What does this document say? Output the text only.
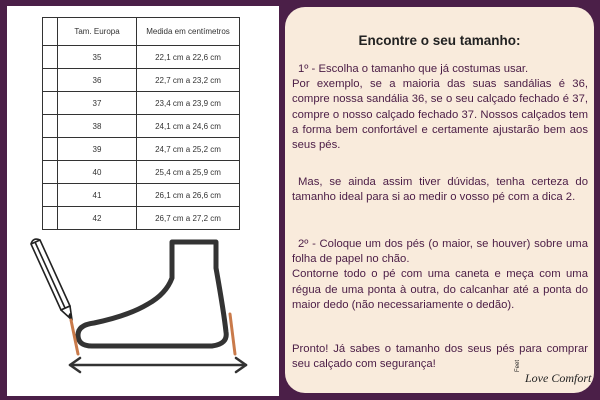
	Tam. Europa	Medida em centímetros

	35	22,1 cm a 22,6 cm
	36	22,7 cm a 23,2 cm
	37	23,4 cm a 23,9 cm
	38	24,1 cm a 24,6 cm
	39	24,7 cm a 25,2 cm
	40	25,4 cm a 25,9 cm
	41	26,1 cm a 26,6 cm
	42	26,7 cm a 27,2 cm
Encontre o seu tamanho:

1º - Escolha o tamanho que já costumas usar.
Por exemplo, se a maioria das suas sandálias é 36, compre nossa sandália 36, se o seu calçado fechado é 37, compre o nosso calçado fechado 37. Nossos calçados tem a forma bem confortável e certamente ajustarão bem aos seus pés.

Mas, se ainda assim tiver dúvidas, tenha certeza do tamanho ideal para si ao medir o vosso pé com a dica 2.

2º - Coloque um dos pés (o maior, se houver) sobre uma folha de papel no chão.
Contorne todo o pé com uma caneta e meça com uma régua de uma ponta à outra, do calcanhar até a ponta do maior dedo (não necessariamente o dedão).

Pronto! Já sabes o tamanho dos seus pés para comprar seu calçado com segurança!	Feet
Love Comfort
